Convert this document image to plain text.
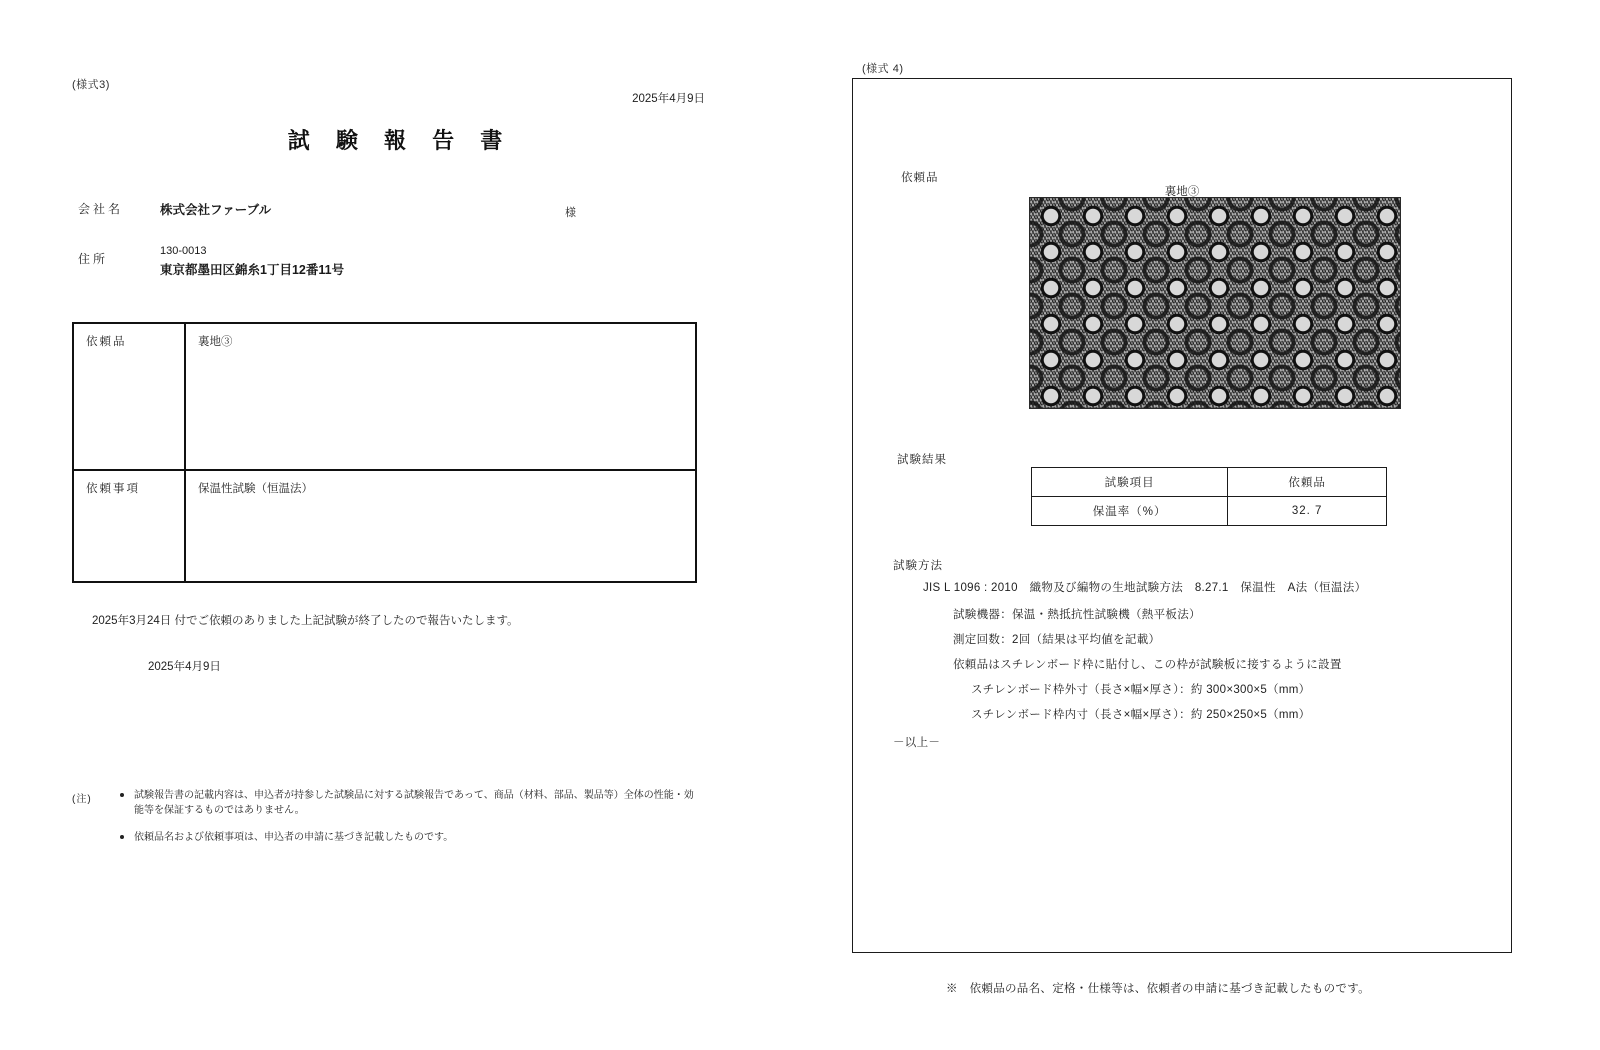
(様式3)
2025年4月9日
試 験 報 告 書
会社名	株式会社ファーブル	様
住所
130-0013
東京都墨田区錦糸1丁目12番11号
依頼品	裏地③
依頼事項	保温性試験（恒温法）
2025年3月24日 付でご依頼のありました上記試験が終了したので報告いたします。
2025年4月9日
(注)	試験報告書の記載内容は、申込者が持参した試験品に対する試験報告であって、商品（材料、部品、製品等）全体の性能・効能等を保証するものではありません。
依頼品名および依頼事項は、申込者の申請に基づき記載したものです。
(様式 4)
依頼品
裏地③
試験結果
試験項目	依頼品
保温率（%）	32. 7
試験方法
JIS L 1096 : 2010　織物及び編物の生地試験方法　8.27.1　保温性　A法（恒温法）
試験機器：保温・熱抵抗性試験機（熱平板法）
測定回数：2回（結果は平均値を記載）
依頼品はスチレンボード枠に貼付し、この枠が試験板に接するように設置
スチレンボード枠外寸（長さ×幅×厚さ）：約 300×300×5（mm）
スチレンボード枠内寸（長さ×幅×厚さ）：約 250×250×5（mm）
－以上－
※　依頼品の品名、定格・仕様等は、依頼者の申請に基づき記載したものです。
